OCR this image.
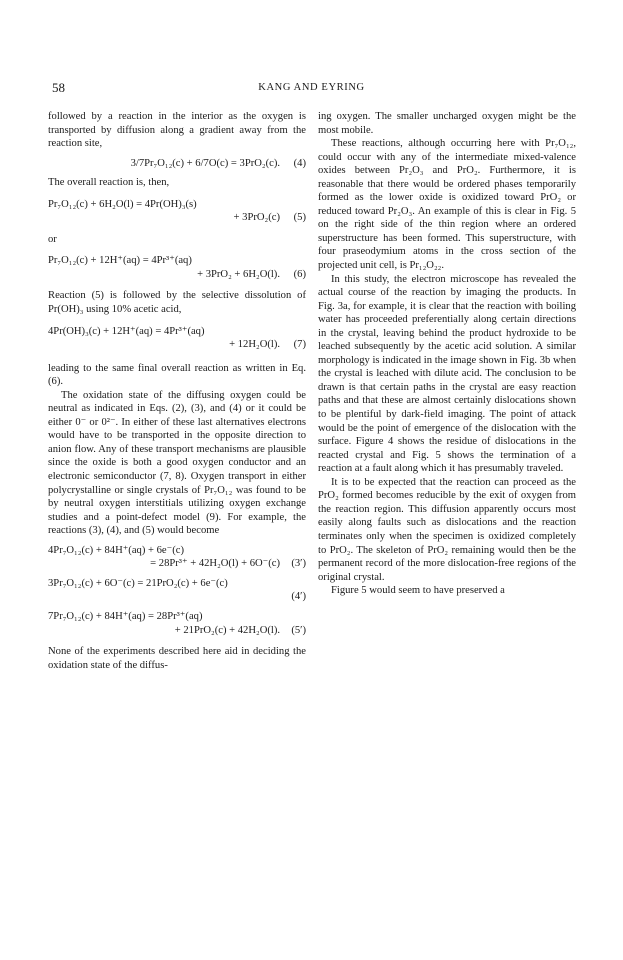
58	KANG AND EYRING

followed by a reaction in the interior as the oxygen is transported by diffusion along a gradient away from the reaction site,

3/7Pr₇O₁₂(c) + 6/7O(c) = 3PrO₂(c). (4)

The overall reaction is, then,

Pr₇O₁₂(c) + 6H₂O(l) = 4Pr(OH)₃(s)
+ 3PrO₂(c) (5)

or

Pr₇O₁₂(c) + 12H⁺(aq) = 4Pr³⁺(aq)
+ 3PrO₂ + 6H₂O(l). (6)

Reaction (5) is followed by the selective dissolution of Pr(OH)₃ using 10% acetic acid,

4Pr(OH)₃(c) + 12H⁺(aq) = 4Pr³⁺(aq)
+ 12H₂O(l). (7)

leading to the same final overall reaction as written in Eq. (6).

The oxidation state of the diffusing oxygen could be neutral as indicated in Eqs. (2), (3), and (4) or it could be either 0⁻ or 0²⁻. In either of these last alternatives electrons would have to be transported in the opposite direction to anion flow. Any of these transport mechanisms are plausible since the oxide is both a good oxygen conductor and an electronic semiconductor (7, 8). Oxygen transport in either polycrystalline or single crystals of Pr₇O₁₂ was found to be by neutral oxygen interstitials utilizing oxygen exchange studies and a point-defect model (9). For example, the reactions (3), (4), and (5) would become

4Pr₇O₁₂(c) + 84H⁺(aq) + 6e⁻(c)
= 28Pr³⁺ + 42H₂O(l) + 6O⁻(c) (3′)
3Pr₇O₁₂(c) + 6O⁻(c) = 21PrO₂(c) + 6e⁻(c)
(4′)
7Pr₇O₁₂(c) + 84H⁺(aq) = 28Pr³⁺(aq)
+ 21PrO₂(c) + 42H₂O(l). (5′)

None of the experiments described here aid in deciding the oxidation state of the diffus-

ing oxygen. The smaller uncharged oxygen might be the most mobile.

These reactions, although occurring here with Pr₇O₁₂, could occur with any of the intermediate mixed-valence oxides between Pr₂O₃ and PrO₂. Furthermore, it is reasonable that there would be ordered phases temporarily formed as the lower oxide is oxidized toward PrO₂ or reduced toward Pr₂O₃. An example of this is clear in Fig. 5 on the right side of the thin region where an ordered superstructure has been formed. This superstructure, with four praseodymium atoms in the cross section of the projected unit cell, is Pr₁₂O₂₂.

In this study, the electron microscope has revealed the actual course of the reaction by imaging the products. In Fig. 3a, for example, it is clear that the reaction with boiling water has proceeded preferentially along certain directions in the crystal, leaving behind the product hydroxide to be leached subsequently by the acetic acid solution. A similar morphology is indicated in the image shown in Fig. 3b when the crystal is leached with dilute acid. The conclusion to be drawn is that certain paths in the crystal are easy reaction paths and that these are almost certainly dislocations shown to be plentiful by dark-field imaging. The point of attack would be the point of emergence of the dislocation with the surface. Figure 4 shows the residue of dislocations in the reacted crystal and Fig. 5 shows the termination of a reaction at a fault along which it has presumably traveled.

It is to be expected that the reaction can proceed as the PrO₂ formed becomes reducible by the exit of oxygen from the reaction region. This diffusion apparently occurs most easily along faults such as dislocations and the reaction terminates only when the specimen is oxidized completely to PrO₂. The skeleton of PrO₂ remaining would then be the permanent record of the more dislocation-free regions of the original crystal.

Figure 5 would seem to have preserved a
